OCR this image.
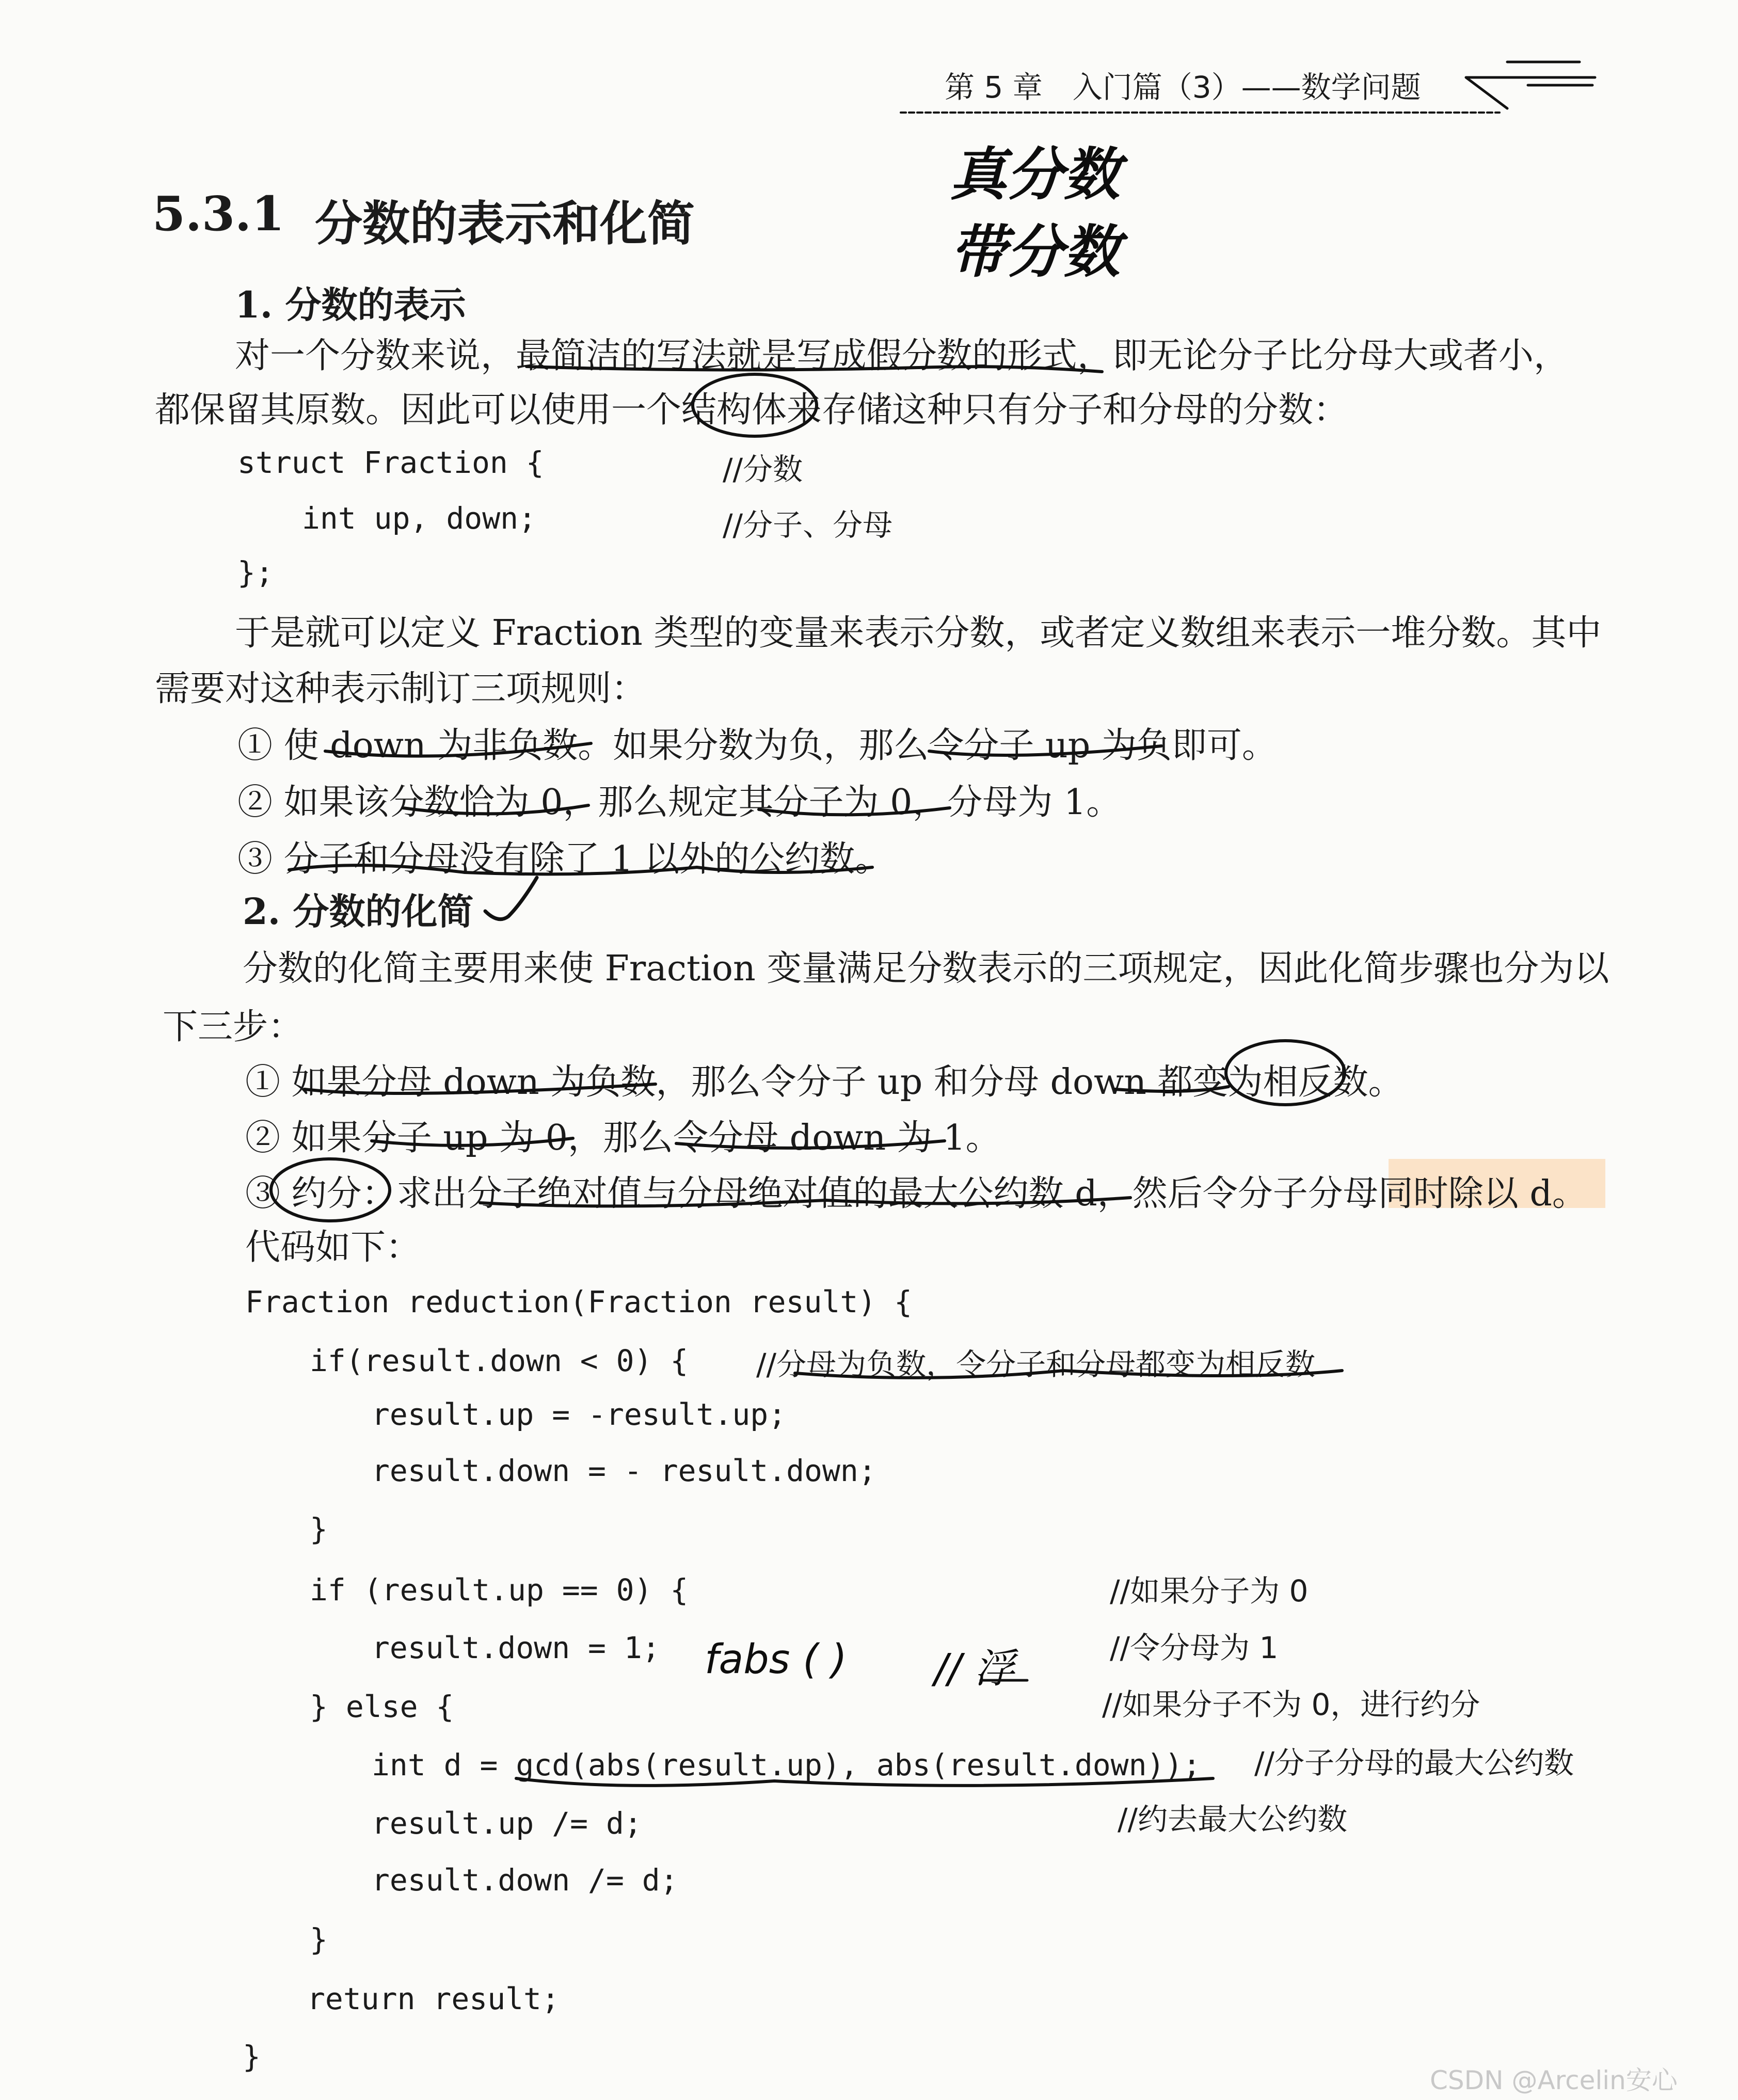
第 5 章　入门篇（3）——数学问题
5.3.1 分数的表示和化简
真分数
带分数
1. 分数的表示
对一个分数来说，最简洁的写法就是写成假分数的形式，即无论分子比分母大或者小，
都保留其原数。因此可以使用一个结构体来存储这种只有分子和分母的分数：
struct Fraction {	//分数
int up, down;	//分子、分母
};
于是就可以定义 Fraction 类型的变量来表示分数，或者定义数组来表示一堆分数。其中
需要对这种表示制订三项规则：
① 使 down 为非负数。如果分数为负，那么令分子 up 为负即可。
② 如果该分数恰为 0，那么规定其分子为 0，分母为 1。
③ 分子和分母没有除了 1 以外的公约数。
2. 分数的化简
分数的化简主要用来使 Fraction 变量满足分数表示的三项规定，因此化简步骤也分为以
下三步：
① 如果分母 down 为负数，那么令分子 up 和分母 down 都变为相反数。
② 如果分子 up 为 0，那么令分母 down 为 1。
③ 约分：求出分子绝对值与分母绝对值的最大公约数 d，然后令分子分母同时除以 d。
代码如下：
Fraction reduction(Fraction result) {
if(result.down < 0) { //分母为负数，令分子和分母都变为相反数
result.up = -result.up;
result.down = - result.down;
}
if (result.up == 0) {	//如果分子为 0
result.down = 1;	//令分母为 1
} else {	//如果分子不为 0，进行约分
int d = gcd(abs(result.up), abs(result.down)); //分子分母的最大公约数
result.up /= d;	//约去最大公约数
result.down /= d;
}
return result;
}
fabs ( ) // 浮
CSDN @Arcelin安心
